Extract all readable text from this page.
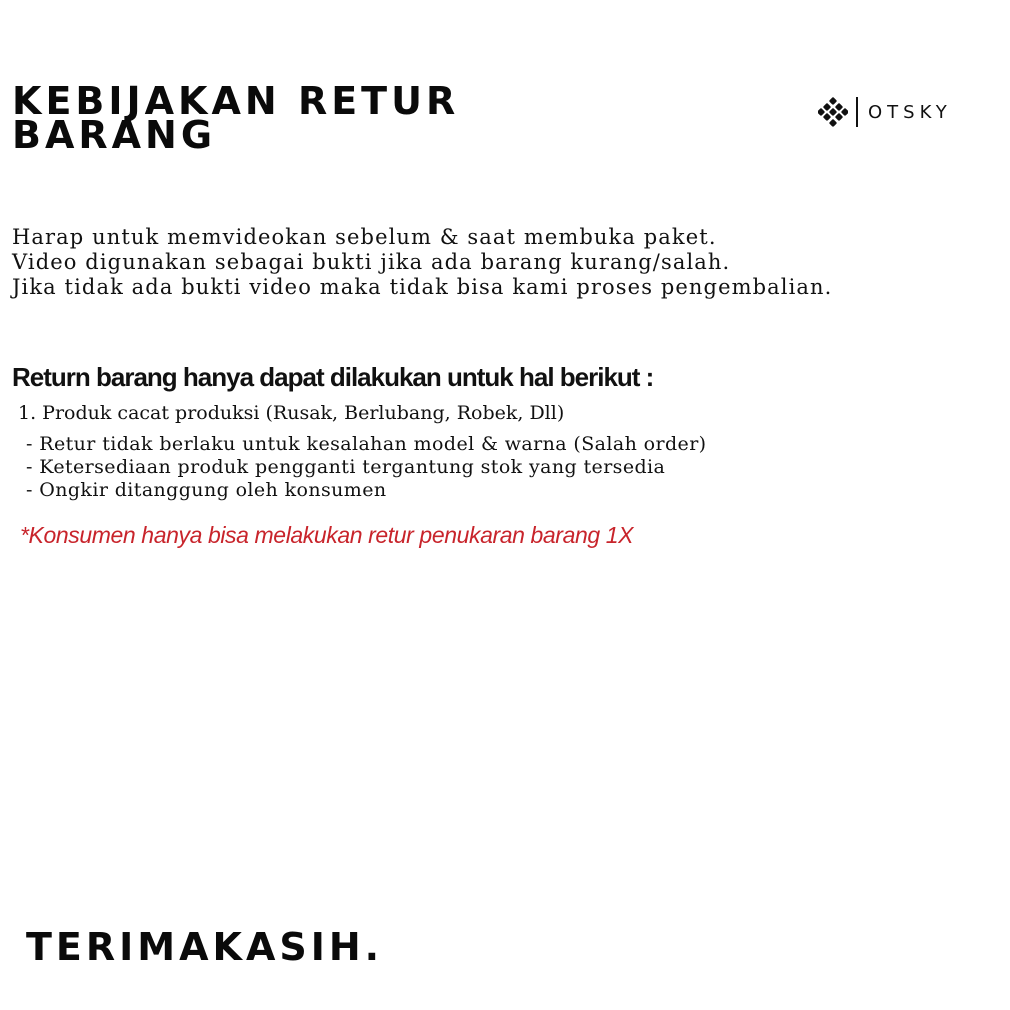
KEBIJAKAN RETUR
BARANG
OTSKY
Harap untuk memvideokan sebelum & saat membuka paket.
Video digunakan sebagai bukti jika ada barang kurang/salah.
Jika tidak ada bukti video maka tidak bisa kami proses pengembalian.
Return barang hanya dapat dilakukan untuk hal berikut :
1. Produk cacat produksi (Rusak, Berlubang, Robek, Dll)
- Retur tidak berlaku untuk kesalahan model & warna (Salah order)
- Ketersediaan produk pengganti tergantung stok yang tersedia
- Ongkir ditanggung oleh konsumen
*Konsumen hanya bisa melakukan retur penukaran barang 1X
TERIMAKASIH.
